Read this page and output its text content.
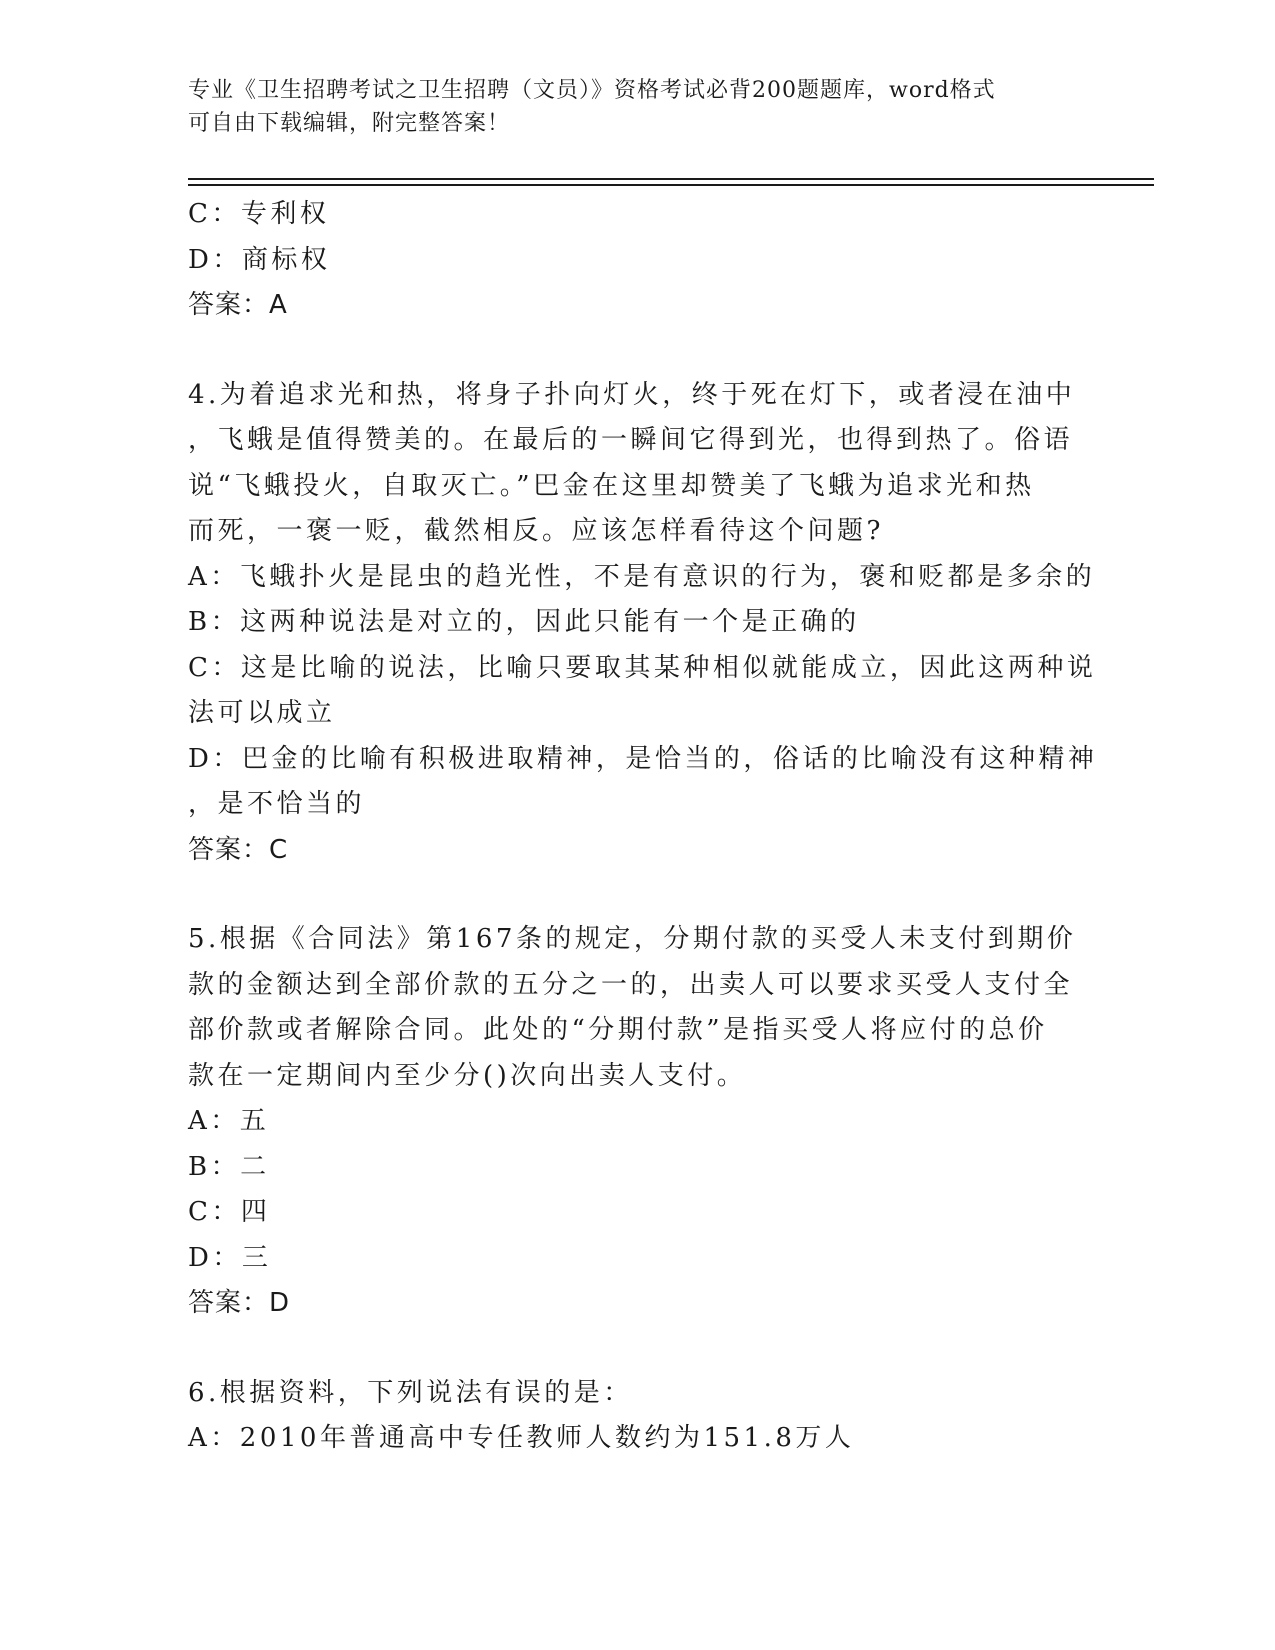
专业《卫生招聘考试之卫生招聘（文员）》资格考试必背200题题库，word格式
可自由下载编辑，附完整答案！
C：专利权
D：商标权
答案：A
4.为着追求光和热，将身子扑向灯火，终于死在灯下，或者浸在油中
，飞蛾是值得赞美的。在最后的一瞬间它得到光，也得到热了。俗语
说“飞蛾投火，自取灭亡。”巴金在这里却赞美了飞蛾为追求光和热
而死，一褒一贬，截然相反。应该怎样看待这个问题?
A：飞蛾扑火是昆虫的趋光性，不是有意识的行为，褒和贬都是多余的
B：这两种说法是对立的，因此只能有一个是正确的
C：这是比喻的说法，比喻只要取其某种相似就能成立，因此这两种说
法可以成立
D：巴金的比喻有积极进取精神，是恰当的，俗话的比喻没有这种精神
，是不恰当的
答案：C
5.根据《合同法》第167条的规定，分期付款的买受人未支付到期价
款的金额达到全部价款的五分之一的，出卖人可以要求买受人支付全
部价款或者解除合同。此处的“分期付款”是指买受人将应付的总价
款在一定期间内至少分()次向出卖人支付。
A：五
B：二
C：四
D：三
答案：D
6.根据资料，下列说法有误的是：
A：2010年普通高中专任教师人数约为151.8万人
